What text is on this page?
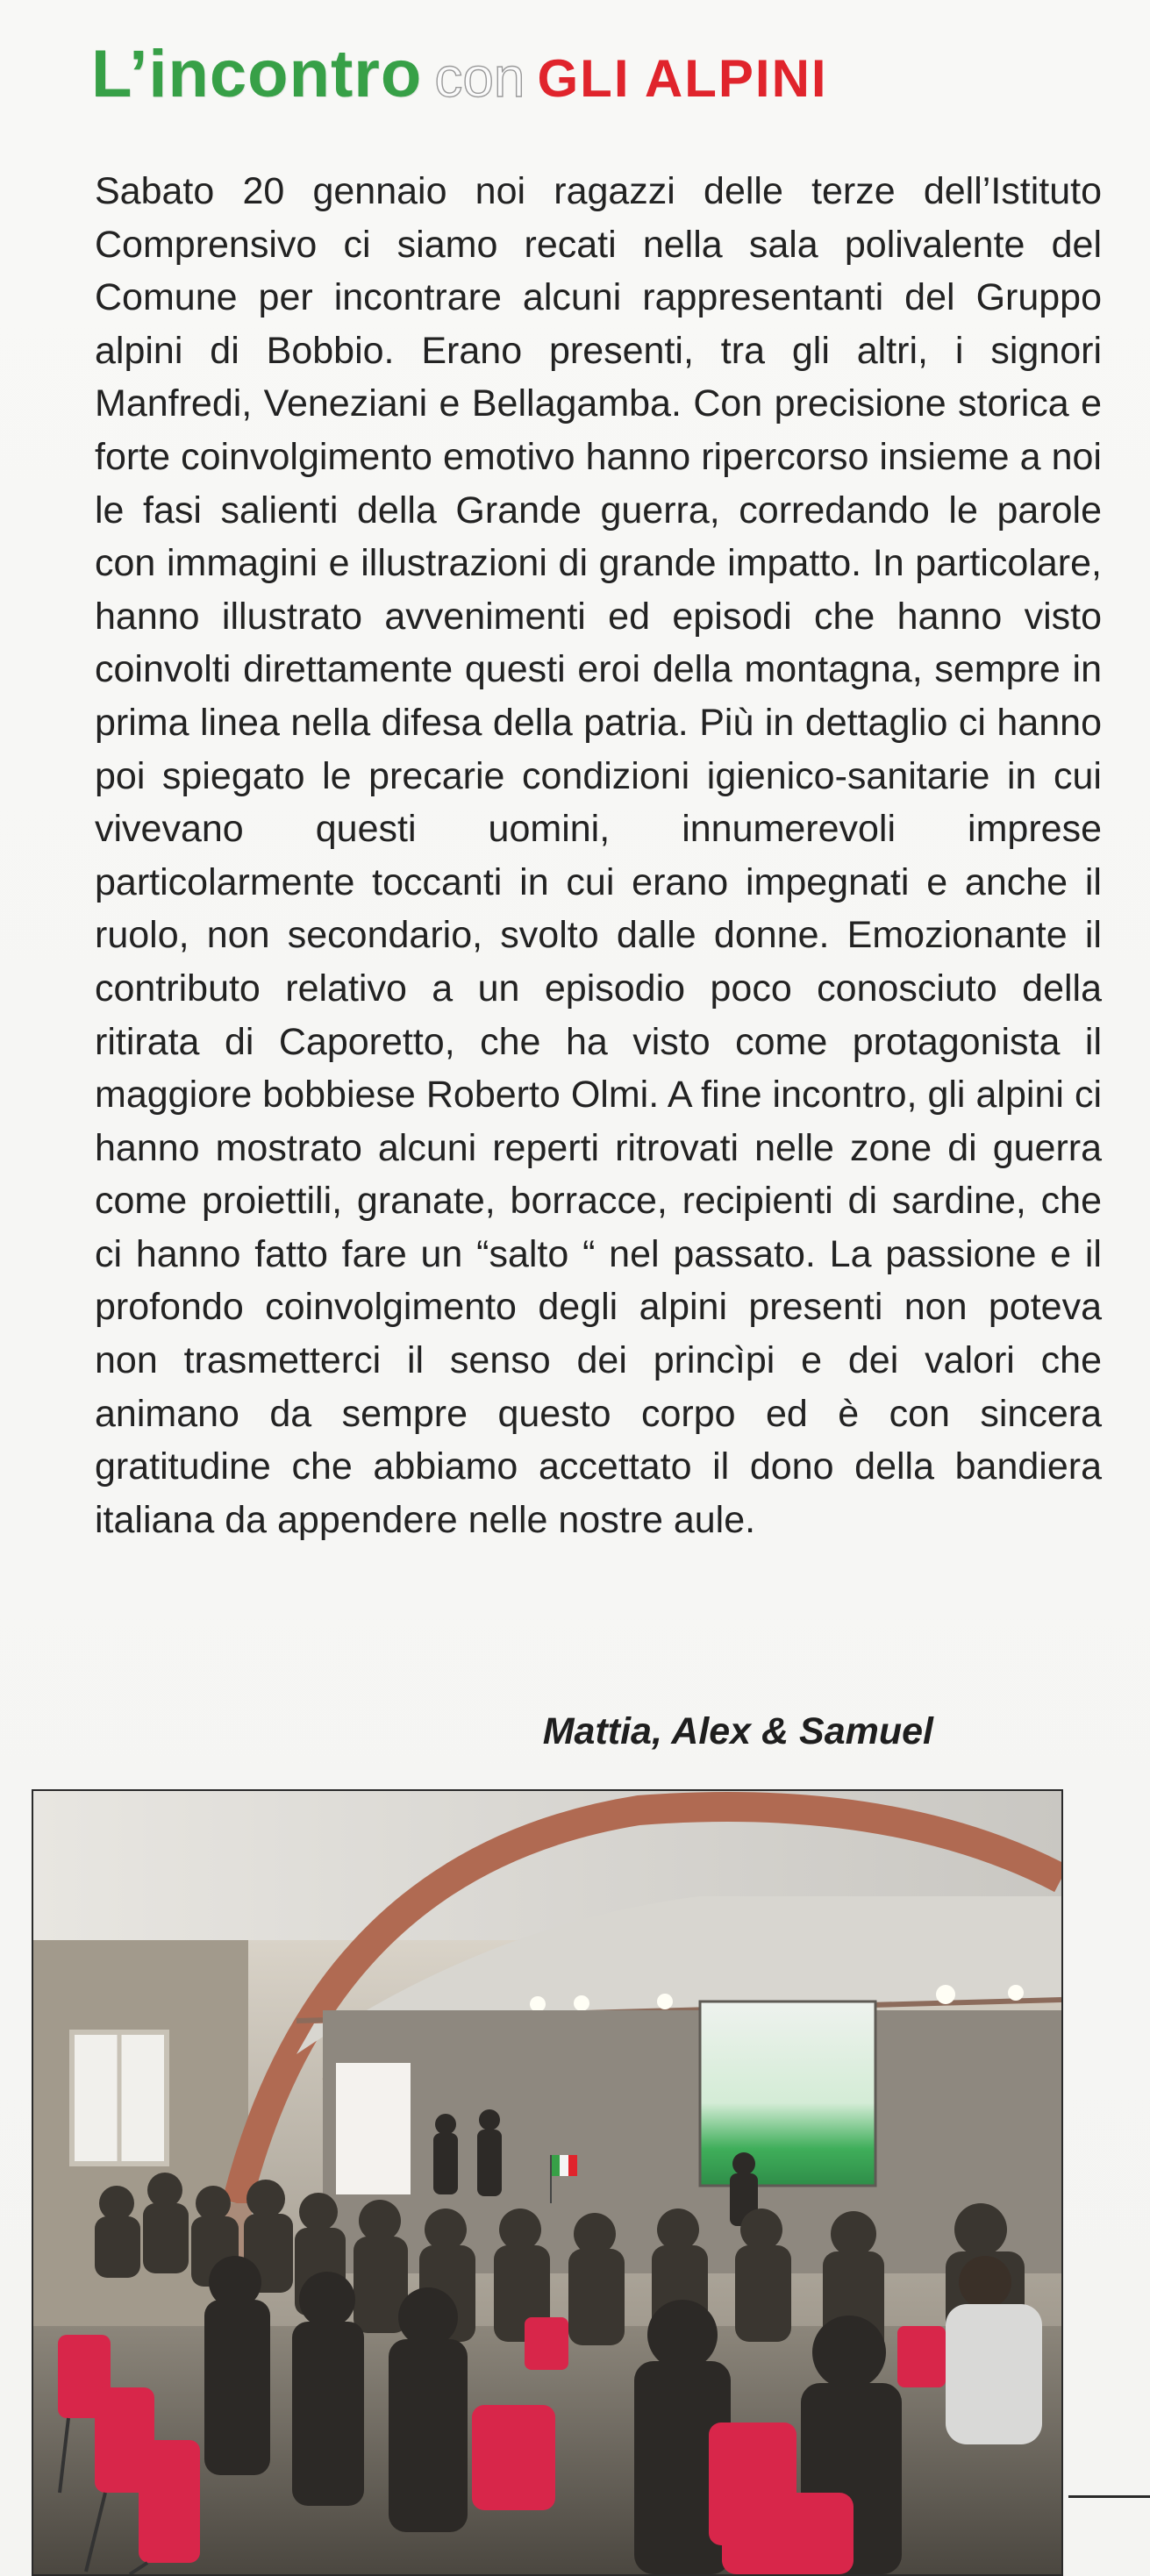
L’incontro con GLI ALPINI

Sabato 20 gennaio noi ragazzi delle terze dell’Istituto Comprensivo ci siamo recati nella sala polivalente del Comune per incontrare alcuni rappresentanti del Gruppo alpini di Bobbio. Erano presenti, tra gli altri, i signori Manfredi, Veneziani e Bellagamba. Con precisione storica e forte coinvolgimento emotivo hanno ripercorso insieme a noi le fasi salienti della Grande guerra, corredando le parole con immagini e illustrazioni di grande impatto. In particolare, hanno illustrato avvenimenti ed episodi che hanno visto coinvolti direttamente questi eroi della montagna, sempre in prima linea nella difesa della patria. Più in dettaglio ci hanno poi spiegato le precarie condizioni igienico-sanitarie in cui vivevano questi uomini, innumerevoli imprese particolarmente toccanti in cui erano impegnati e anche il ruolo, non secondario, svolto dalle donne. Emozionante il contributo relativo a un episodio poco conosciuto della ritirata di Caporetto, che ha visto come protagonista il maggiore bobbiese Roberto Olmi. A fine incontro, gli alpini ci hanno mostrato alcuni reperti ritrovati nelle zone di guerra come proiettili, granate, borracce, recipienti di sardine, che ci hanno fatto fare un “salto “ nel passato. La passione e il profondo coinvolgimento degli alpini presenti non poteva non trasmetterci il senso dei princìpi e dei valori che animano da sempre questo corpo ed è con sincera gratitudine che abbiamo accettato il dono della bandiera italiana da appendere nelle nostre aule.

Mattia, Alex & Samuel
